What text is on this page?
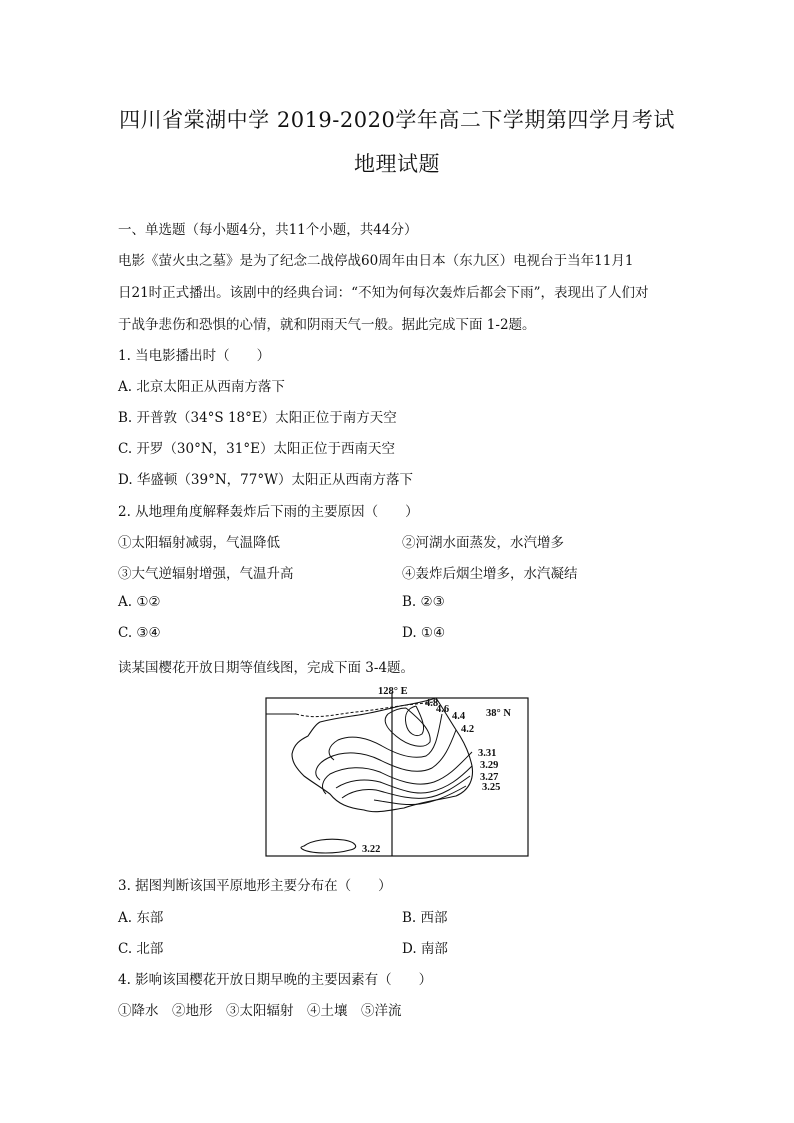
四川省棠湖中学 2019-2020学年高二下学期第四学月考试
地理试题
一、单选题（每小题4分，共11个小题，共44分）
电影《萤火虫之墓》是为了纪念二战停战60周年由日本（东九区）电视台于当年11月1
日21时正式播出。该剧中的经典台词：“不知为何每次轰炸后都会下雨”，表现出了人们对
于战争悲伤和恐惧的心情，就和阴雨天气一般。据此完成下面 1-2题。
1. 当电影播出时（　　）
A. 北京太阳正从西南方落下
B. 开普敦（34°S 18°E）太阳正位于南方天空
C. 开罗（30°N，31°E）太阳正位于西南天空
D. 华盛顿（39°N，77°W）太阳正从西南方落下
2. 从地理角度解释轰炸后下雨的主要原因（　　）
①太阳辐射减弱，气温降低	②河湖水面蒸发，水汽增多
③大气逆辐射增强，气温升高	④轰炸后烟尘增多，水汽凝结
A. ①②	B. ②③
C. ③④	D. ①④
读某国樱花开放日期等值线图，完成下面 3-4题。
128° E
4.8
4.6
4.4 38° N
4.2
3.31
3.29
3.27
3.25
3.22
3. 据图判断该国平原地形主要分布在（　　）
A. 东部	B. 西部
C. 北部	D. 南部
4. 影响该国樱花开放日期早晚的主要因素有（　　）
①降水　②地形　③太阳辐射　④土壤　⑤洋流
